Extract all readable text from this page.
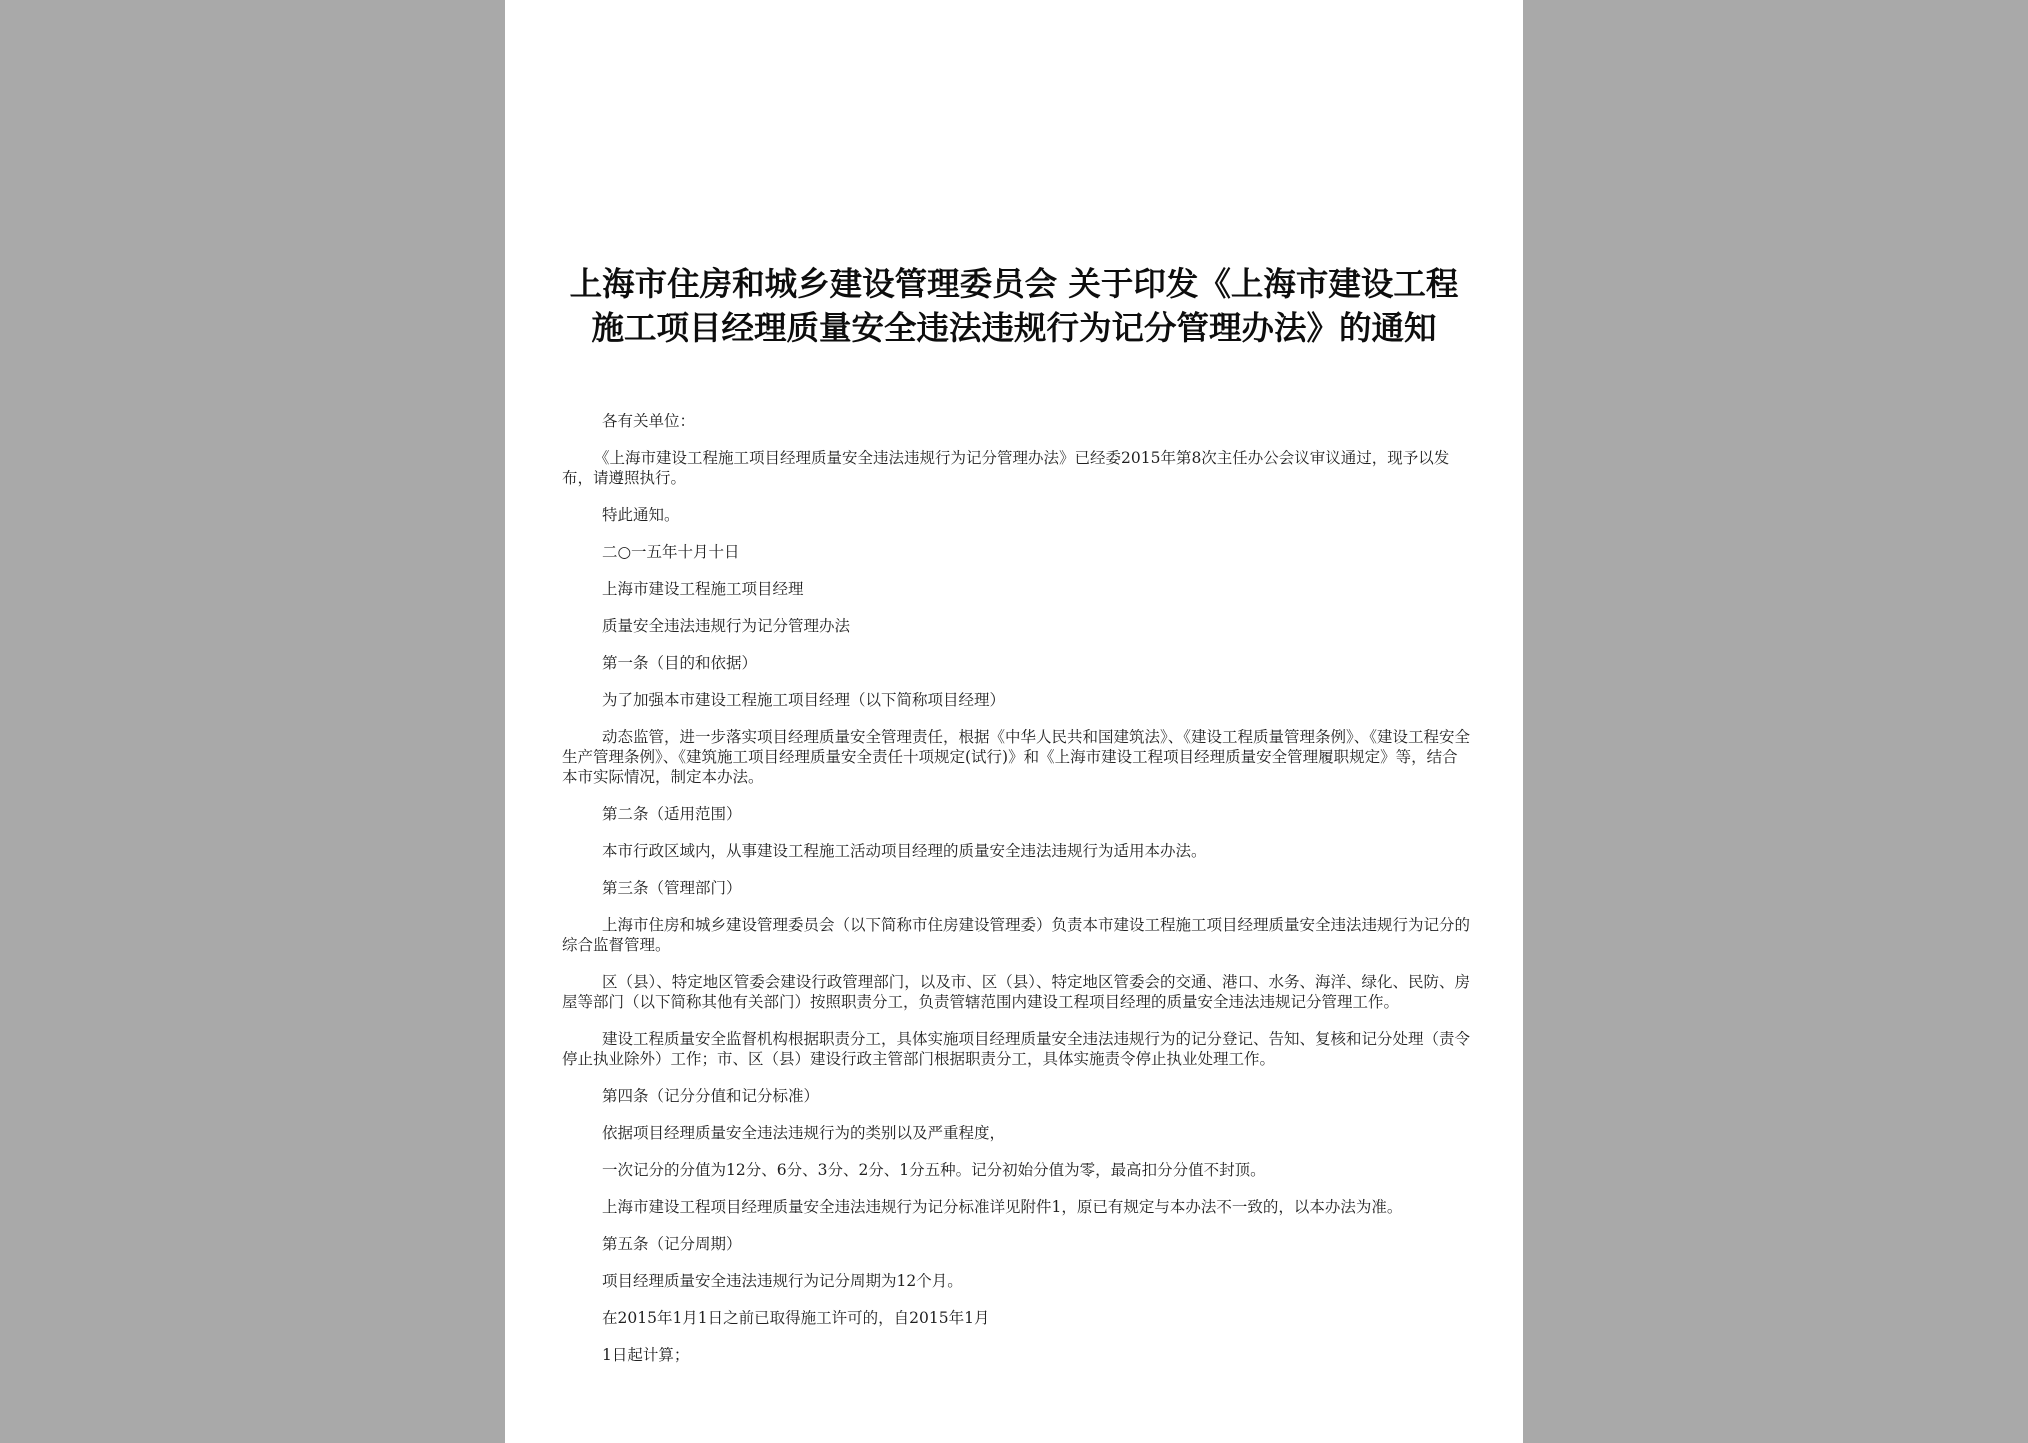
上海市住房和城乡建设管理委员会 关于印发《上海市建设工程施工项目经理质量安全违法违规行为记分管理办法》的通知

各有关单位：

《上海市建设工程施工项目经理质量安全违法违规行为记分管理办法》已经委2015年第8次主任办公会议审议通过，现予以发布，请遵照执行。

特此通知。

二○一五年十月十日

上海市建设工程施工项目经理

质量安全违法违规行为记分管理办法

第一条（目的和依据）

为了加强本市建设工程施工项目经理（以下简称项目经理）

动态监管，进一步落实项目经理质量安全管理责任，根据《中华人民共和国建筑法》、《建设工程质量管理条例》、《建设工程安全生产管理条例》、《建筑施工项目经理质量安全责任十项规定(试行)》和《上海市建设工程项目经理质量安全管理履职规定》等，结合本市实际情况，制定本办法。

第二条（适用范围）

本市行政区域内，从事建设工程施工活动项目经理的质量安全违法违规行为适用本办法。

第三条（管理部门）

上海市住房和城乡建设管理委员会（以下简称市住房建设管理委）负责本市建设工程施工项目经理质量安全违法违规行为记分的综合监督管理。

区（县）、特定地区管委会建设行政管理部门，以及市、区（县）、特定地区管委会的交通、港口、水务、海洋、绿化、民防、房屋等部门（以下简称其他有关部门）按照职责分工，负责管辖范围内建设工程项目经理的质量安全违法违规记分管理工作。

建设工程质量安全监督机构根据职责分工，具体实施项目经理质量安全违法违规行为的记分登记、告知、复核和记分处理（责令停止执业除外）工作；市、区（县）建设行政主管部门根据职责分工，具体实施责令停止执业处理工作。

第四条（记分分值和记分标准）

依据项目经理质量安全违法违规行为的类别以及严重程度，

一次记分的分值为12分、6分、3分、2分、1分五种。记分初始分值为零，最高扣分分值不封顶。

上海市建设工程项目经理质量安全违法违规行为记分标准详见附件1，原已有规定与本办法不一致的，以本办法为准。

第五条（记分周期）

项目经理质量安全违法违规行为记分周期为12个月。

在2015年1月1日之前已取得施工许可的，自2015年1月

1日起计算；
